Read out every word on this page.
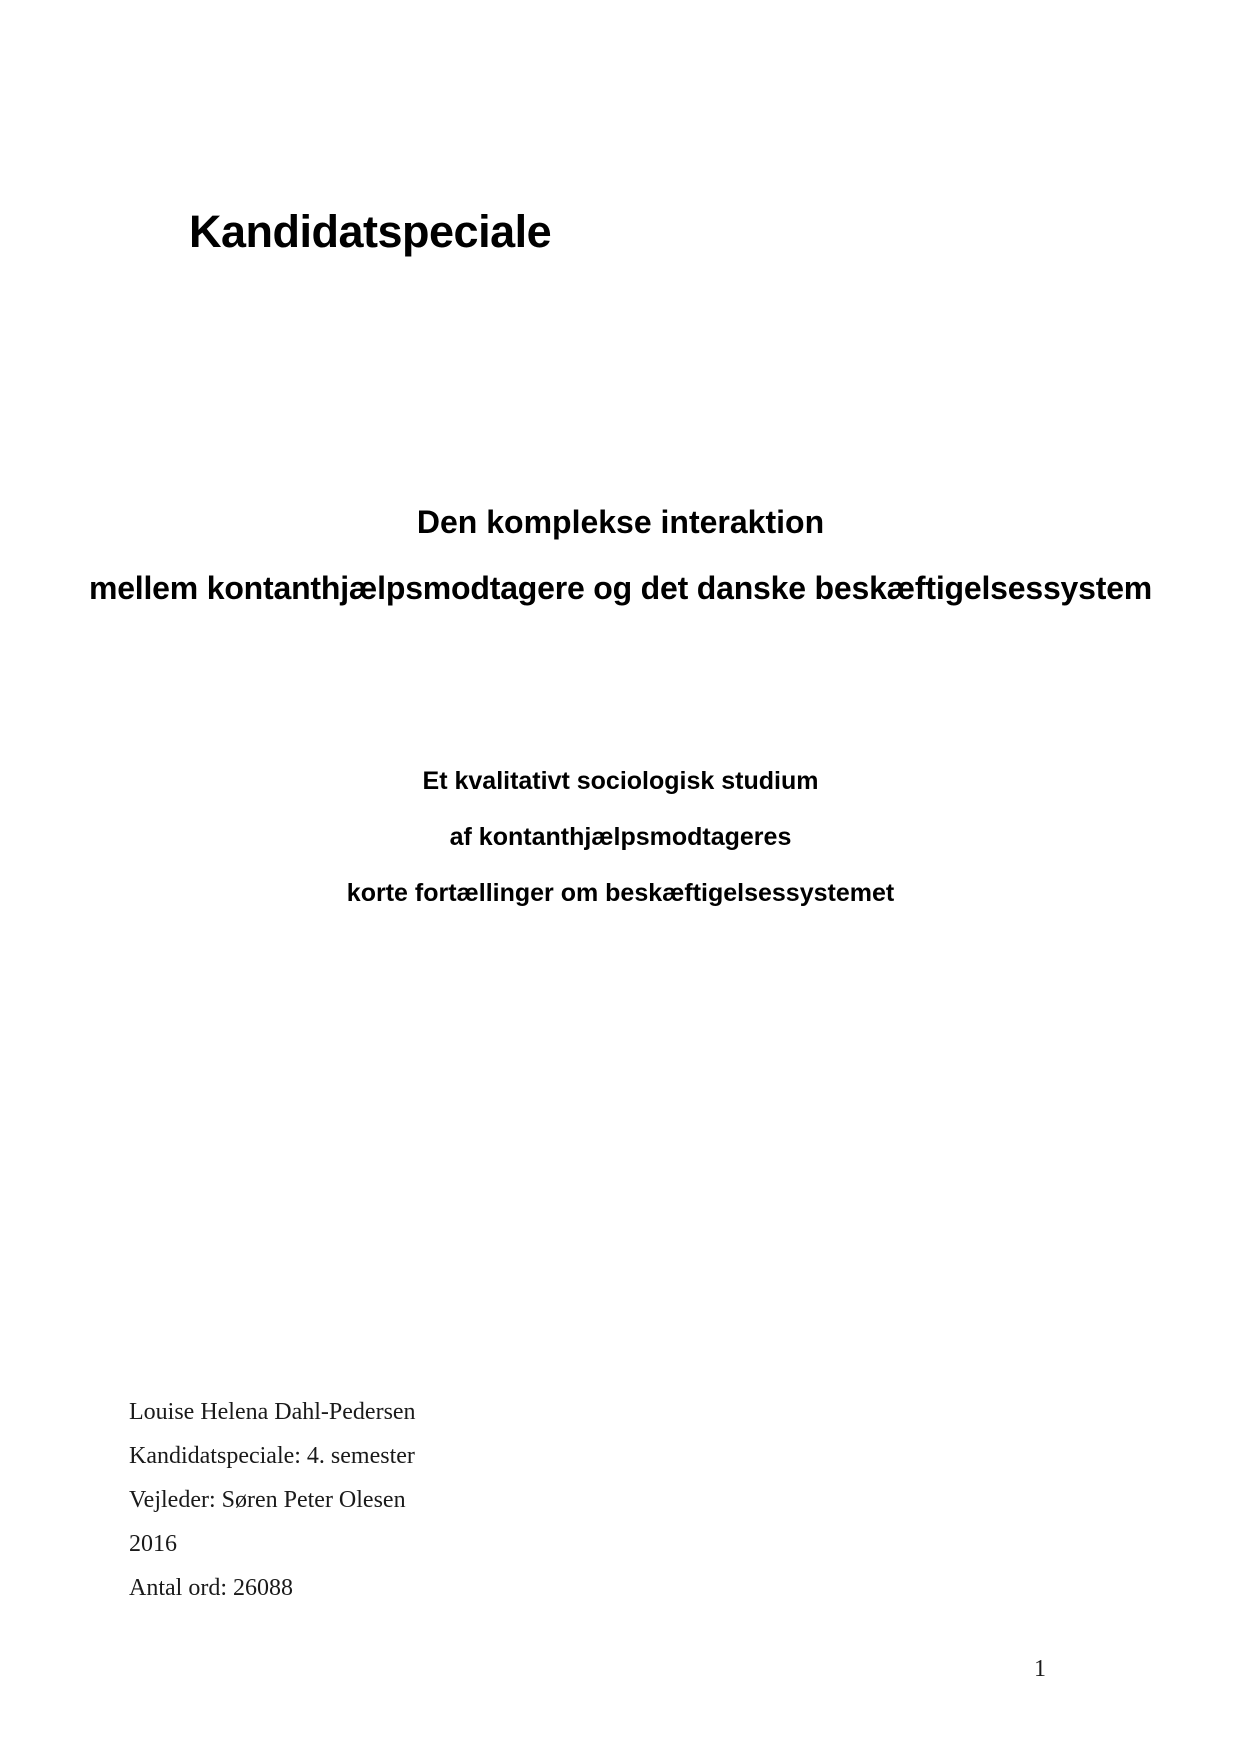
Kandidatspeciale
Den komplekse interaktion
mellem kontanthjælpsmodtagere og det danske beskæftigelsessystem
Et kvalitativt sociologisk studium
af kontanthjælpsmodtageres
korte fortællinger om beskæftigelsessystemet
Louise Helena Dahl-Pedersen
Kandidatspeciale: 4. semester
Vejleder: Søren Peter Olesen
2016
Antal ord: 26088
1
